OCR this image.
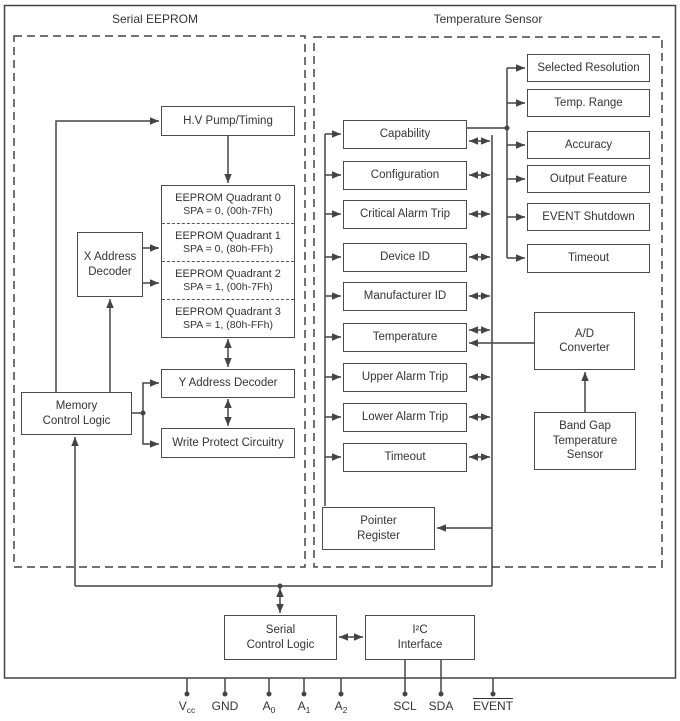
Serial EEPROM	Temperature Sensor
H.V Pump/Timing
EEPROM Quadrant 0
SPA = 0, (00h-7Fh)
EEPROM Quadrant 1
SPA = 0, (80h-FFh)
EEPROM Quadrant 2
SPA = 1, (00h-7Fh)
EEPROM Quadrant 3
SPA = 1, (80h-FFh)
X Address
Decoder
Y Address Decoder
Write Protect Circuitry
Memory
Control Logic
Capability
Configuration
Critical Alarm Trip
Device ID
Manufacturer ID
Temperature
Upper Alarm Trip
Lower Alarm Trip
Timeout
Selected Resolution
Temp. Range
Accuracy
Output Feature
EVENT Shutdown
Timeout
Pointer
Register
A/D
Converter
Band Gap
Temperature
Sensor
Serial
Control Logic
I²C
Interface
$V_{cc}$	GND	$A_0$	$A_1$	$A_2$	SCL SDA	EVENT
